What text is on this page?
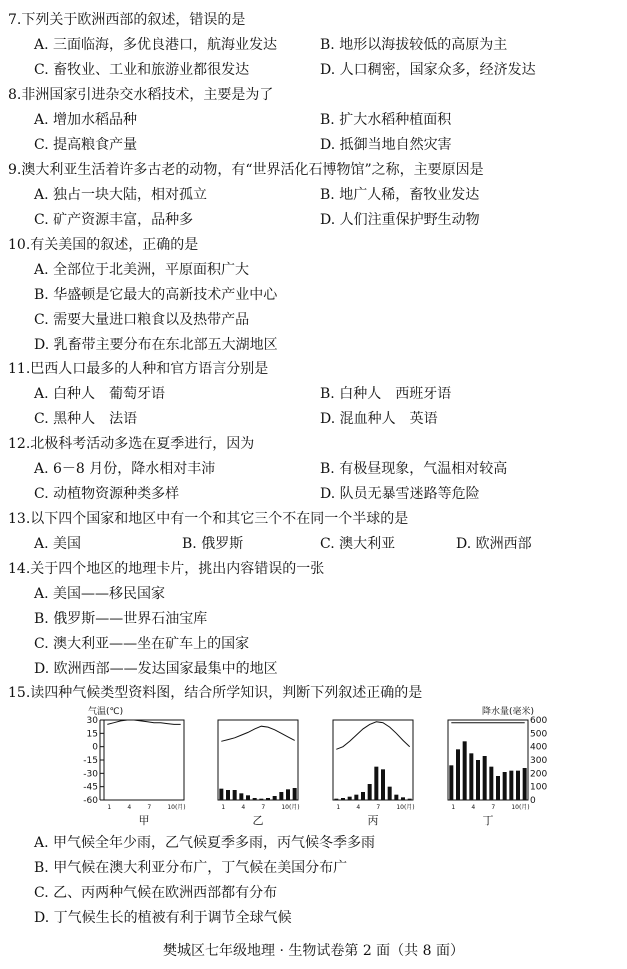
7.下列关于欧洲西部的叙述，错误的是
A. 三面临海，多优良港口，航海业发达	B. 地形以海拔较低的高原为主
C. 畜牧业、工业和旅游业都很发达	D. 人口稠密，国家众多，经济发达
8.非洲国家引进杂交水稻技术，主要是为了
A. 增加水稻品种	B. 扩大水稻种植面积
C. 提高粮食产量	D. 抵御当地自然灾害
9.澳大利亚生活着许多古老的动物，有“世界活化石博物馆”之称，主要原因是
A. 独占一块大陆，相对孤立	B. 地广人稀，畜牧业发达
C. 矿产资源丰富，品种多	D. 人们注重保护野生动物
10.有关美国的叙述，正确的是
A. 全部位于北美洲，平原面积广大
B. 华盛顿是它最大的高新技术产业中心
C. 需要大量进口粮食以及热带产品
D. 乳畜带主要分布在东北部五大湖地区
11.巴西人口最多的人种和官方语言分别是
A. 白种人　葡萄牙语	B. 白种人　西班牙语
C. 黑种人　法语	D. 混血种人　英语
12.北极科考活动多选在夏季进行，因为
A. 6－8 月份，降水相对丰沛	B. 有极昼现象，气温相对较高
C. 动植物资源种类多样	D. 队员无暴雪迷路等危险
13.以下四个国家和地区中有一个和其它三个不在同一个半球的是
A. 美国	B. 俄罗斯	C. 澳大利亚	D. 欧洲西部
14.关于四个地区的地理卡片，挑出内容错误的一张
A. 美国——移民国家
B. 俄罗斯——世界石油宝库
C. 澳大利亚——坐在矿车上的国家
D. 欧洲西部——发达国家最集中的地区
15.读四种气候类型资料图，结合所学知识，判断下列叙述正确的是
气温(℃)	降水量(毫米)
30
15
0
-15
-30
-45
-60
600
500
400
300
200
100
0
1	4	7	10(月)
甲
1	4	7	10(月)
乙
1	4	7	10(月)
丙
1	4	7	10(月)
丁
A. 甲气候全年少雨，乙气候夏季多雨，丙气候冬季多雨
B. 甲气候在澳大利亚分布广，丁气候在美国分布广
C. 乙、丙两种气候在欧洲西部都有分布
D. 丁气候生长的植被有利于调节全球气候
樊城区七年级地理 · 生物试卷第 2 面（共 8 面）
